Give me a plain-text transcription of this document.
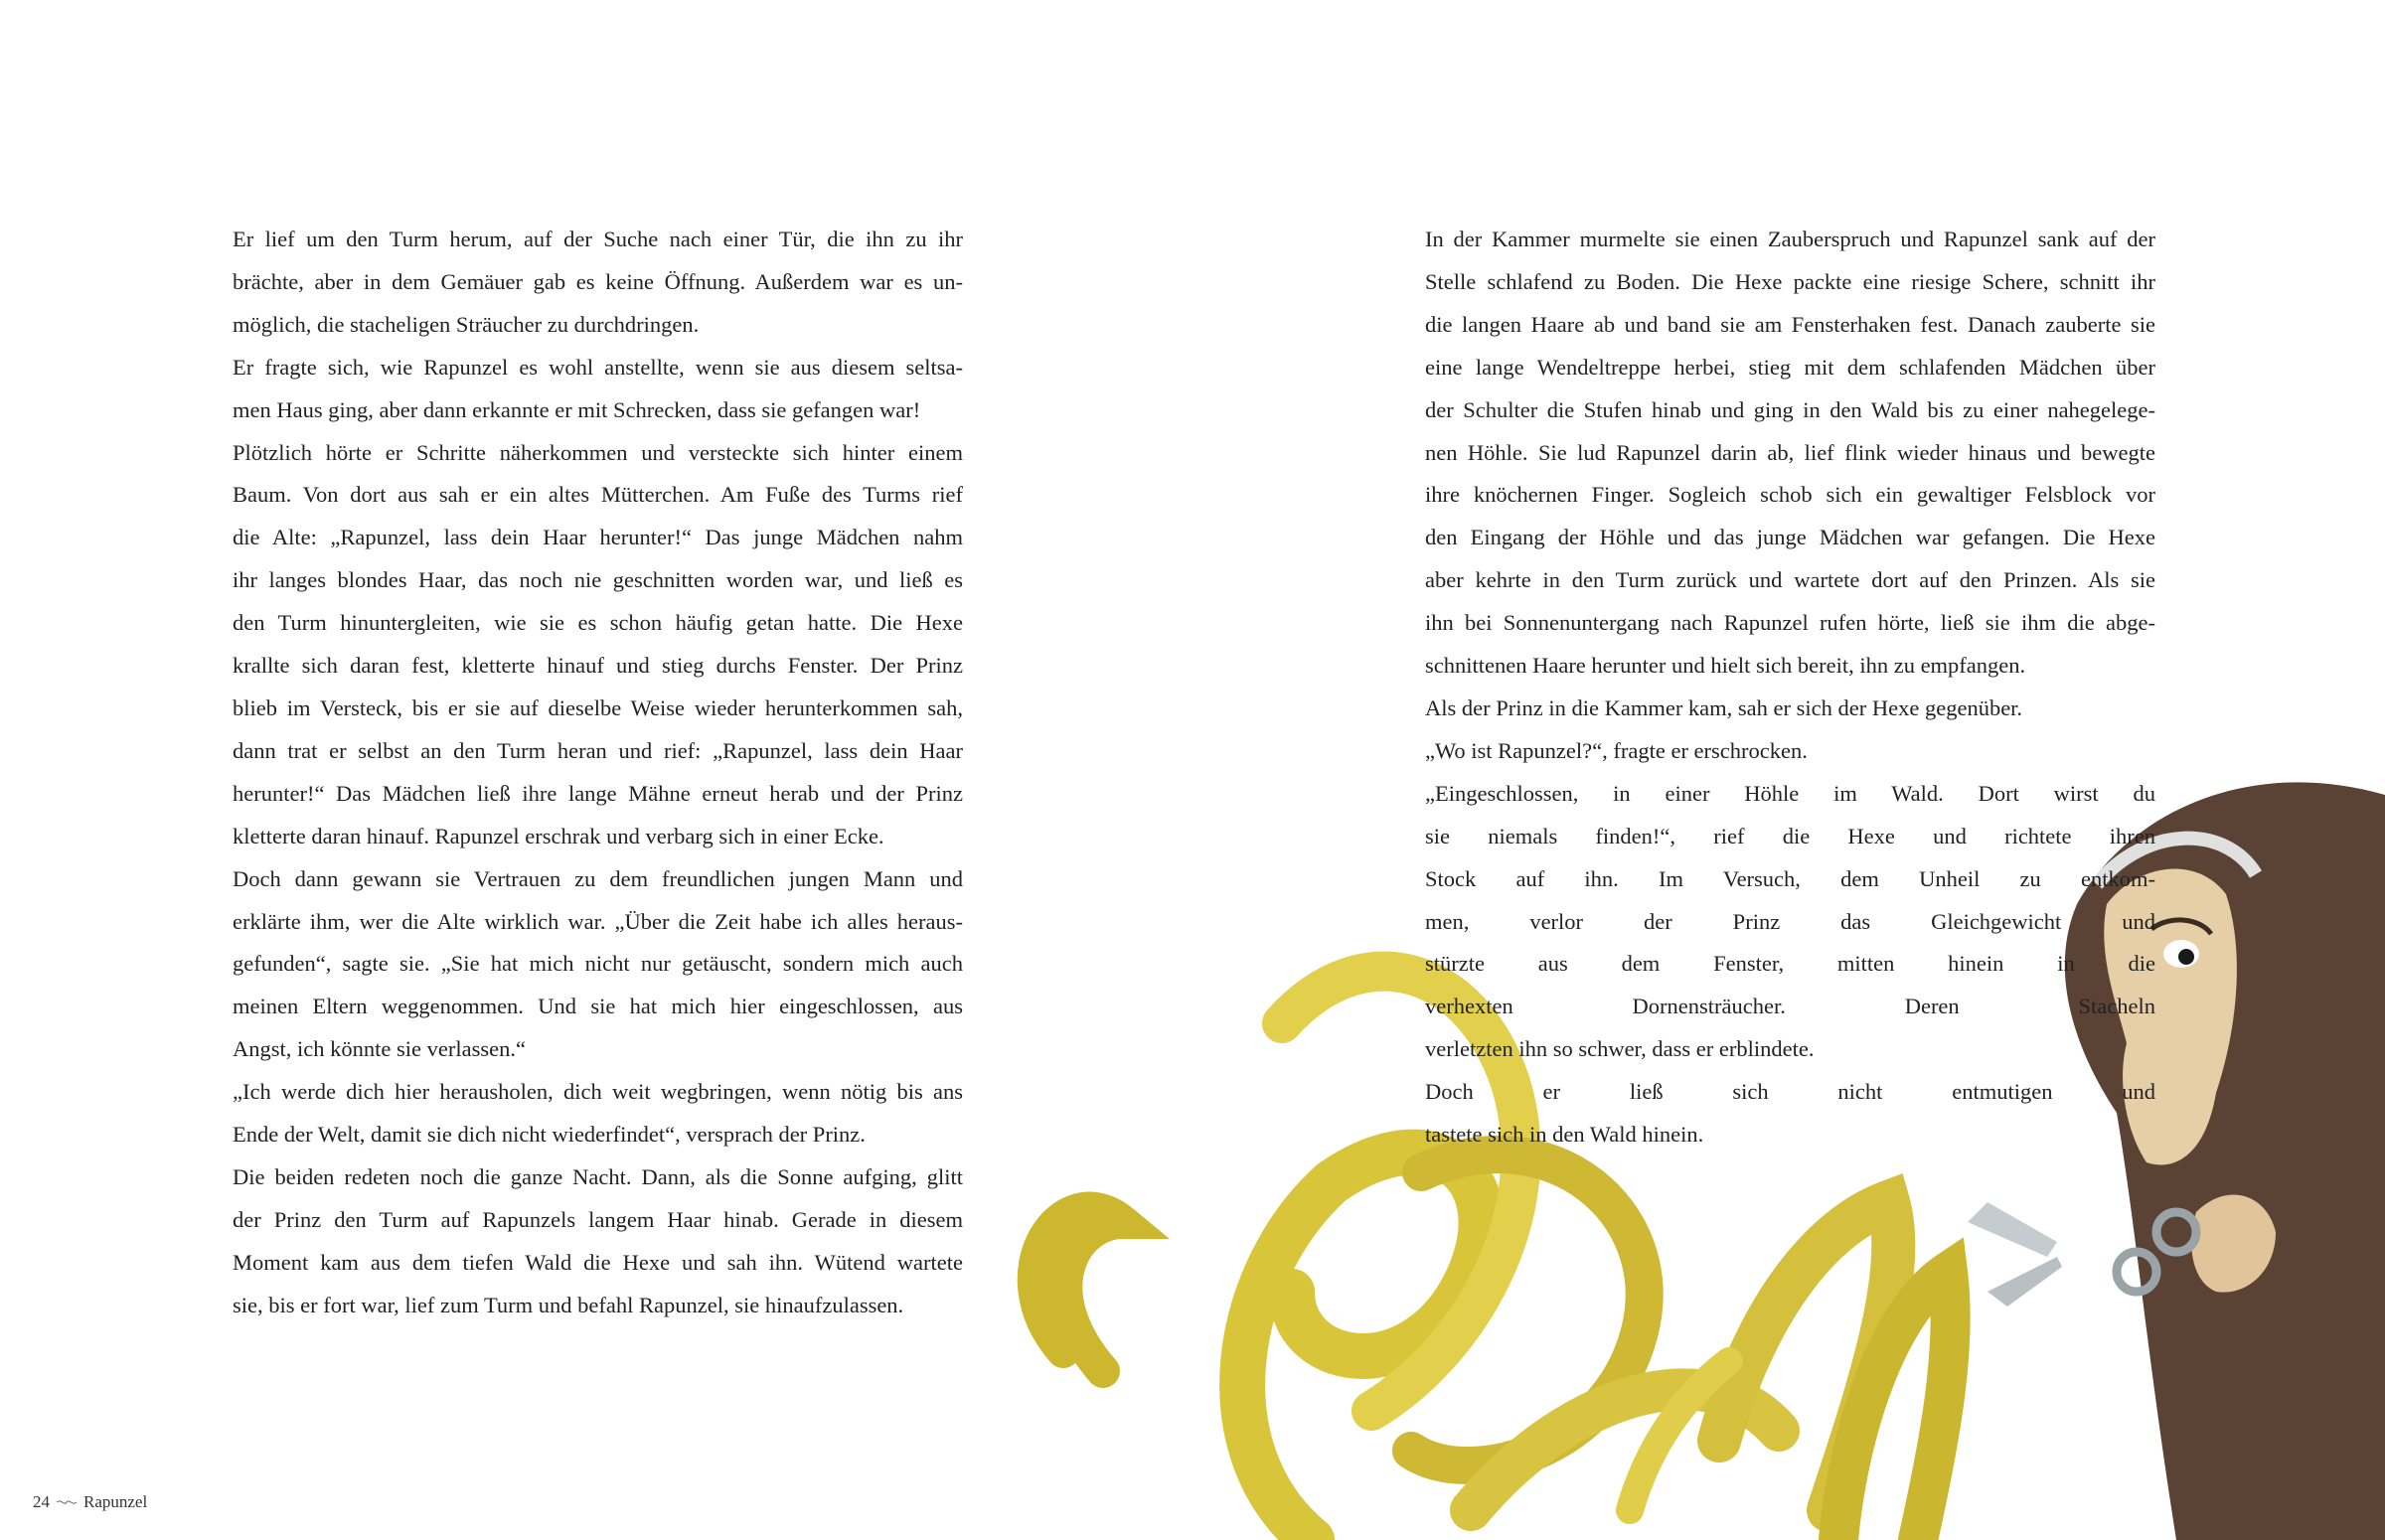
Er lief um den Turm herum, auf der Suche nach einer Tür, die ihn zu ihr
brächte, aber in dem Gemäuer gab es keine Öffnung. Außerdem war es un-
möglich, die stacheligen Sträucher zu durchdringen.
Er fragte sich, wie Rapunzel es wohl anstellte, wenn sie aus diesem seltsa-
men Haus ging, aber dann erkannte er mit Schrecken, dass sie gefangen war!
Plötzlich hörte er Schritte näherkommen und versteckte sich hinter einem
Baum. Von dort aus sah er ein altes Mütterchen. Am Fuße des Turms rief
die Alte: „Rapunzel, lass dein Haar herunter!“ Das junge Mädchen nahm
ihr langes blondes Haar, das noch nie geschnitten worden war, und ließ es
den Turm hinuntergleiten, wie sie es schon häufig getan hatte. Die Hexe
krallte sich daran fest, kletterte hinauf und stieg durchs Fenster. Der Prinz
blieb im Versteck, bis er sie auf dieselbe Weise wieder herunterkommen sah,
dann trat er selbst an den Turm heran und rief: „Rapunzel, lass dein Haar
herunter!“ Das Mädchen ließ ihre lange Mähne erneut herab und der Prinz
kletterte daran hinauf. Rapunzel erschrak und verbarg sich in einer Ecke.
Doch dann gewann sie Vertrauen zu dem freundlichen jungen Mann und
erklärte ihm, wer die Alte wirklich war. „Über die Zeit habe ich alles heraus-
gefunden“, sagte sie. „Sie hat mich nicht nur getäuscht, sondern mich auch
meinen Eltern weggenommen. Und sie hat mich hier eingeschlossen, aus
Angst, ich könnte sie verlassen.“
„Ich werde dich hier herausholen, dich weit wegbringen, wenn nötig bis ans
Ende der Welt, damit sie dich nicht wiederfindet“, versprach der Prinz.
Die beiden redeten noch die ganze Nacht. Dann, als die Sonne aufging, glitt
der Prinz den Turm auf Rapunzels langem Haar hinab. Gerade in diesem
Moment kam aus dem tiefen Wald die Hexe und sah ihn. Wütend wartete
sie, bis er fort war, lief zum Turm und befahl Rapunzel, sie hinaufzulassen.
In der Kammer murmelte sie einen Zauberspruch und Rapunzel sank auf der
Stelle schlafend zu Boden. Die Hexe packte eine riesige Schere, schnitt ihr
die langen Haare ab und band sie am Fensterhaken fest. Danach zauberte sie
eine lange Wendeltreppe herbei, stieg mit dem schlafenden Mädchen über
der Schulter die Stufen hinab und ging in den Wald bis zu einer nahegelege-
nen Höhle. Sie lud Rapunzel darin ab, lief flink wieder hinaus und bewegte
ihre knöchernen Finger. Sogleich schob sich ein gewaltiger Felsblock vor
den Eingang der Höhle und das junge Mädchen war gefangen. Die Hexe
aber kehrte in den Turm zurück und wartete dort auf den Prinzen. Als sie
ihn bei Sonnenuntergang nach Rapunzel rufen hörte, ließ sie ihm die abge-
schnittenen Haare herunter und hielt sich bereit, ihn zu empfangen.
Als der Prinz in die Kammer kam, sah er sich der Hexe gegenüber.
„Wo ist Rapunzel?“, fragte er erschrocken.
„Eingeschlossen, in einer Höhle im Wald. Dort wirst du
sie niemals finden!“, rief die Hexe und richtete ihren
Stock auf ihn. Im Versuch, dem Unheil zu entkom-
men, verlor der Prinz das Gleichgewicht und
stürzte aus dem Fenster, mitten hinein in die
verhexten Dornensträucher. Deren Stacheln
verletzten ihn so schwer, dass er erblindete.
Doch er ließ sich nicht entmutigen und
tastete sich in den Wald hinein.
24 Rapunzel
